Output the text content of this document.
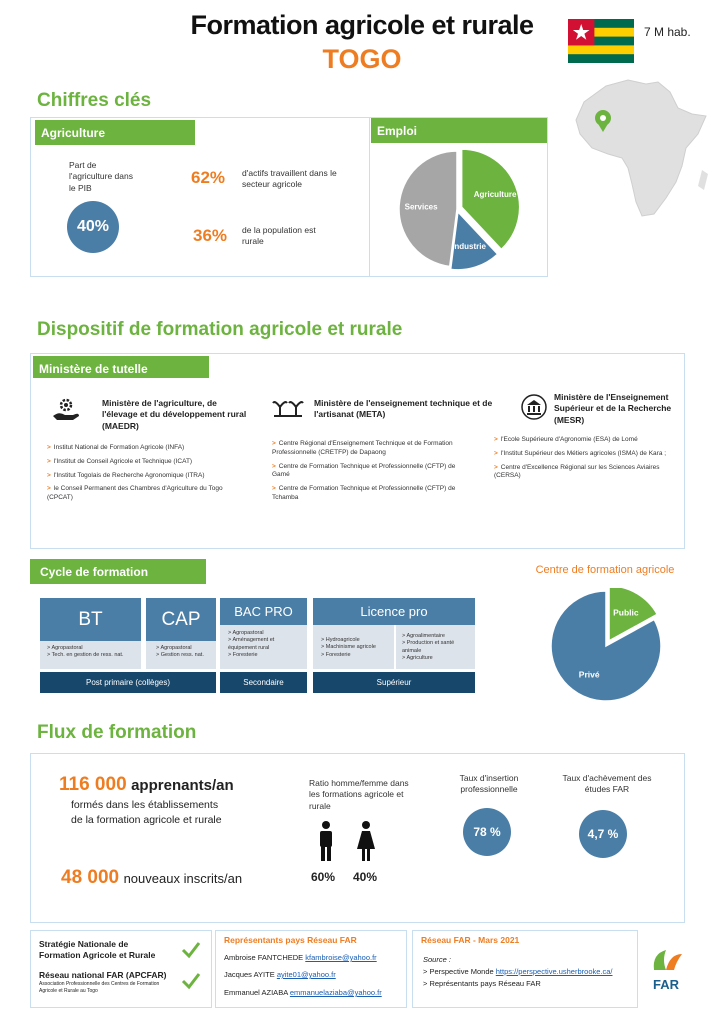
Formation agricole et rurale
TOGO
7 M hab.
Chiffres clés
Agriculture
Part de l'agriculture dans le PIB
40%
62% d'actifs travaillent dans le secteur agricole
36% de la population est rurale
Emploi
Agriculture
Industrie
Services
Dispositif de formation agricole et rurale
Ministère de tutelle
Ministère de l'agriculture, de l'élevage et du développement rural (MAEDR)
> Institut National de Formation Agricole (INFA)
> l'Institut de Conseil Agricole et Technique (ICAT)
> l'Institut Togolais de Recherche Agronomique (ITRA)
> le Conseil Permanent des Chambres d'Agriculture du Togo (CPCAT)
Ministère de l'enseignement technique et de l'artisanat (META)
> Centre Régional d'Enseignement Technique et de Formation Professionnelle (CRETFP) de Dapaong
> Centre de Formation Technique et Professionnelle (CFTP) de Gamé
> Centre de Formation Technique et Professionnelle (CFTP) de Tchamba
Ministère de l'Enseignement Supérieur et de la Recherche (MESR)
> l'Ecole Supérieure d'Agronomie (ESA) de Lomé
> l'Institut Supérieur des Métiers agricoles (ISMA) de Kara ;
> Centre d'Excellence Régional sur les Sciences Aviaires (CERSA)
Cycle de formation
BT
> Agropastoral
> Tech. en gestion de ress. nat.
CAP
> Agropastoral
> Gestion ress. nat.
BAC PRO
> Agropastoral
> Aménagement et équipement rural
> Foresterie
Licence pro
> Hydroagricole
> Machinisme agricole
> Foresterie
> Agroalimentaire
> Production et santé animale
> Agriculture
Post primaire (collèges)	Secondaire	Supérieur
Centre de formation agricole
Public
Privé
Flux de formation
116 000 apprenants/an
formés dans les établissements
de la formation agricole et rurale
48 000 nouveaux inscrits/an
Ratio homme/femme dans les formations agricole et rurale
60% 40%
Taux d'insertion professionnelle
78 %
Taux d'achèvement des études FAR
4,7 %
Stratégie Nationale de Formation Agricole et Rurale
Réseau national FAR (APCFAR)
Association Professionnelle des Centres de Formation Agricole et Rurale au Togo
Représentants pays Réseau FAR
Ambroise FANTCHEDE kfambroise@yahoo.fr
Jacques AYITE ayite01@yahoo.fr
Emmanuel AZIABA emmanuelaziaba@yahoo.fr
Réseau FAR - Mars 2021
Source :
> Perspective Monde https://perspective.usherbrooke.ca/
> Représentants pays Réseau FAR	FAR
